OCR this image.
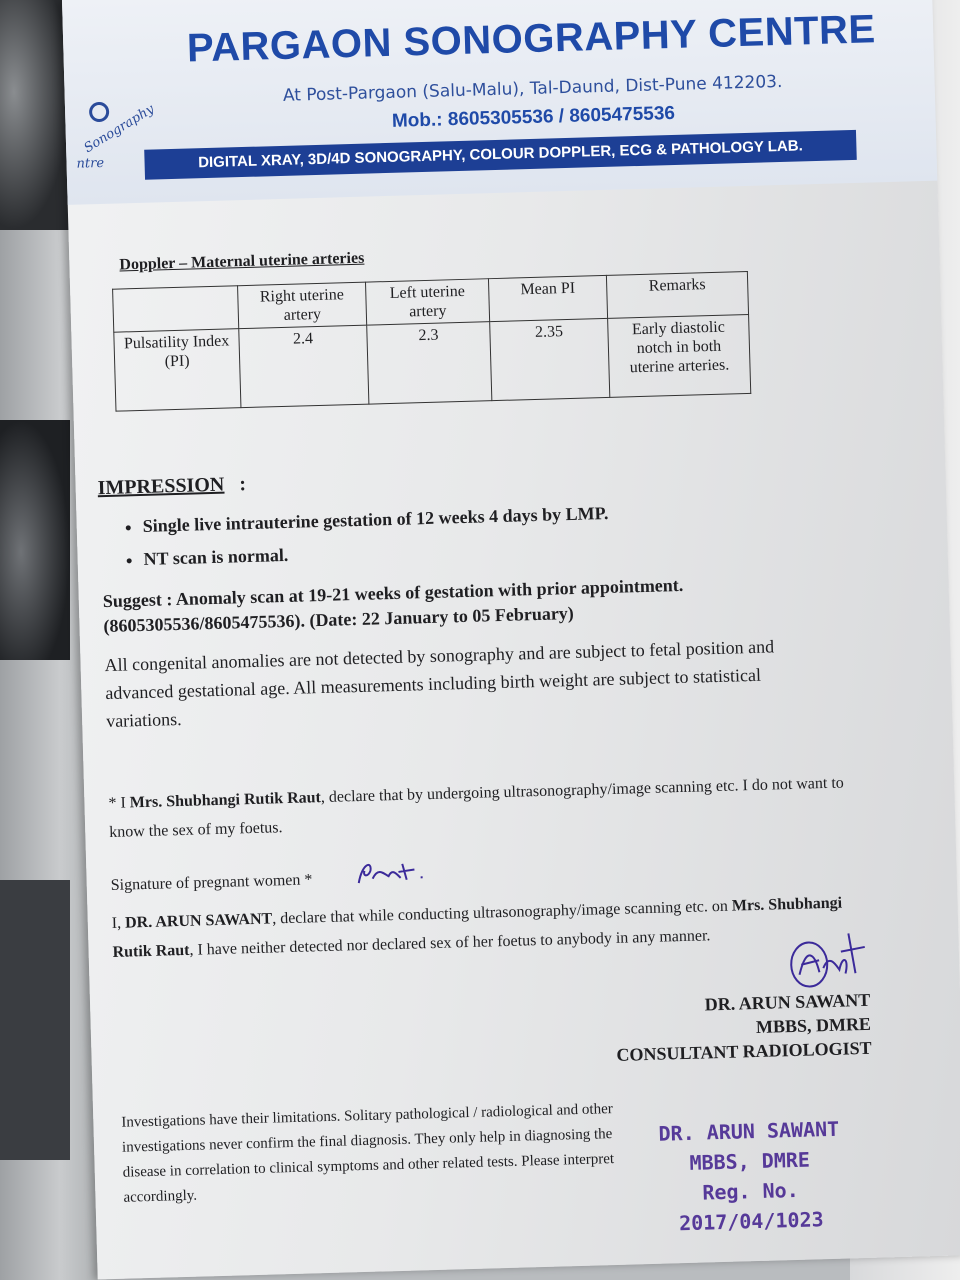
Sonography
ntre
PARGAON SONOGRAPHY CENTRE
At Post-Pargaon (Salu-Malu), Tal-Daund, Dist-Pune 412203.
Mob.: 8605305536 / 8605475536
DIGITAL XRAY, 3D/4D SONOGRAPHY, COLOUR DOPPLER, ECG & PATHOLOGY LAB.
Doppler – Maternal uterine arteries
	Right uterine artery	Left uterine artery	Mean PI	Remarks
Pulsatility Index (PI)	2.4	2.3	2.35	Early diastolic notch in both uterine arteries.
IMPRESSION :
• Single live intrauterine gestation of 12 weeks 4 days by LMP.
• NT scan is normal.
Suggest : Anomaly scan at 19-21 weeks of gestation with prior appointment.
(8605305536/8605475536). (Date: 22 January to 05 February)
All congenital anomalies are not detected by sonography and are subject to fetal position and advanced gestational age. All measurements including birth weight are subject to statistical variations.
* I Mrs. Shubhangi Rutik Raut, declare that by undergoing ultrasonography/image scanning etc. I do not want to know the sex of my foetus.
Signature of pregnant women *
I, DR. ARUN SAWANT, declare that while conducting ultrasonography/image scanning etc. on Mrs. Shubhangi Rutik Raut, I have neither detected nor declared sex of her foetus to anybody in any manner.
DR. ARUN SAWANT
MBBS, DMRE
CONSULTANT RADIOLOGIST
Investigations have their limitations. Solitary pathological / radiological and other investigations never confirm the final diagnosis. They only help in diagnosing the disease in correlation to clinical symptoms and other related tests. Please interpret accordingly.
DR. ARUN SAWANT
MBBS, DMRE
Reg. No. 2017/04/1023
